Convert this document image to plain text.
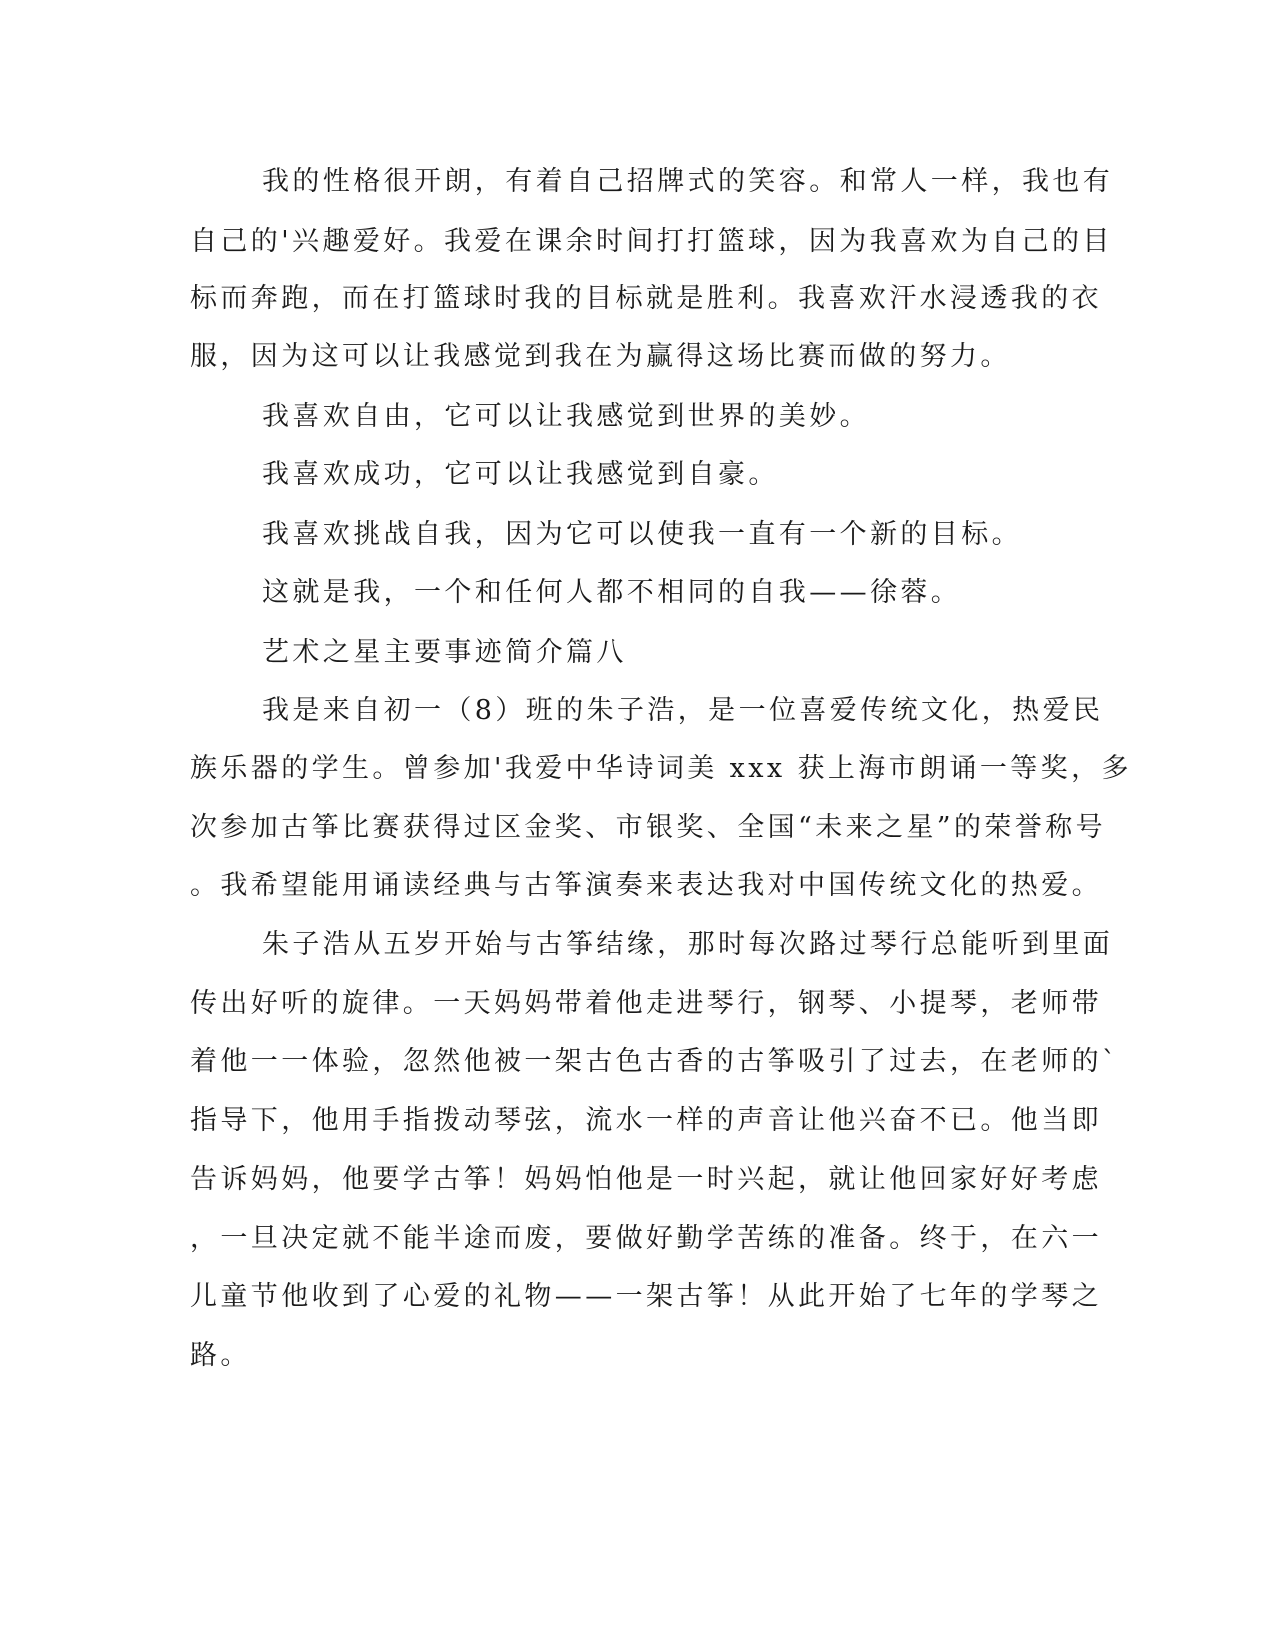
我的性格很开朗，有着自己招牌式的笑容。和常人一样，我也有
自己的'兴趣爱好。我爱在课余时间打打篮球，因为我喜欢为自己的目
标而奔跑，而在打篮球时我的目标就是胜利。我喜欢汗水浸透我的衣
服，因为这可以让我感觉到我在为赢得这场比赛而做的努力。
我喜欢自由，它可以让我感觉到世界的美妙。
我喜欢成功，它可以让我感觉到自豪。
我喜欢挑战自我，因为它可以使我一直有一个新的目标。
这就是我，一个和任何人都不相同的自我——徐蓉。
艺术之星主要事迹简介篇八
我是来自初一（8）班的朱子浩，是一位喜爱传统文化，热爱民
族乐器的学生。曾参加'我爱中华诗词美 xxx 获上海市朗诵一等奖，多
次参加古筝比赛获得过区金奖、市银奖、全国“未来之星”的荣誉称号
。我希望能用诵读经典与古筝演奏来表达我对中国传统文化的热爱。
朱子浩从五岁开始与古筝结缘，那时每次路过琴行总能听到里面
传出好听的旋律。一天妈妈带着他走进琴行，钢琴、小提琴，老师带
着他一一体验，忽然他被一架古色古香的古筝吸引了过去，在老师的`
指导下，他用手指拨动琴弦，流水一样的声音让他兴奋不已。他当即
告诉妈妈，他要学古筝！妈妈怕他是一时兴起，就让他回家好好考虑
，一旦决定就不能半途而废，要做好勤学苦练的准备。终于，在六一
儿童节他收到了心爱的礼物——一架古筝！从此开始了七年的学琴之
路。
